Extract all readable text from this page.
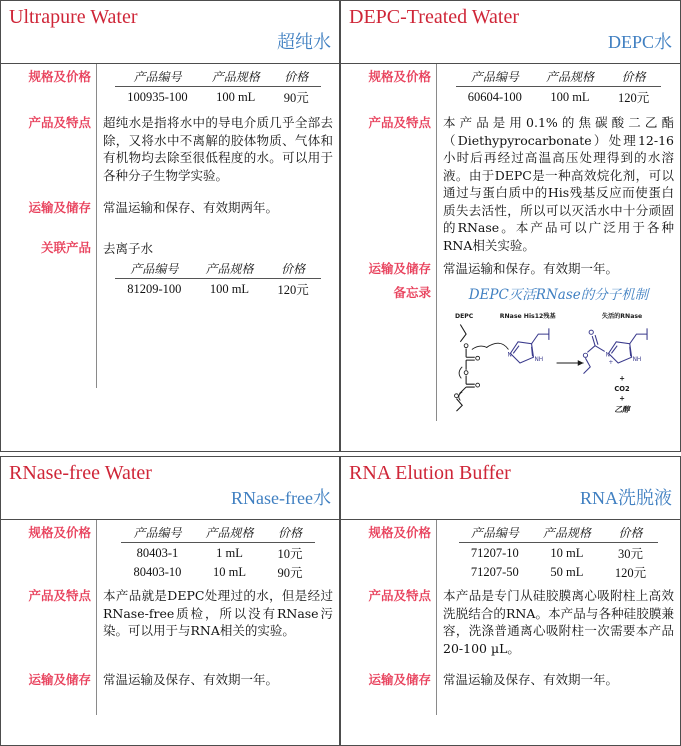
Ultrapure Water
超纯水
规格及价格	产品编号	产品规格	价格
100935-100	100 mL	90元
产品及特点 超纯水是指将水中的导电介质几乎全部去除，又将水中不离解的胶体物质、气体和有机物均去除至很低程度的水。可以用于各种分子生物学实验。
运输及储存 常温运输和保存、有效期两年。
关联产品 去离子水
产品编号	产品规格	价格
81209-100	100 mL	120元
DEPC-Treated Water
DEPC水
规格及价格	产品编号	产品规格	价格
60604-100	100 mL	120元
产品及特点 本产品是用0.1%的焦碳酸二乙酯（Diethypyrocarbonate）处理12-16小时后再经过高温高压处理得到的水溶液。由于DEPC是一种高效烷化剂，可以通过与蛋白质中的His残基反应而使蛋白质失去活性，所以可以灭活水中十分顽固的RNase。本产品可以广泛用于各种RNA相关实验。
运输及储存 常温运输和保存。有效期一年。
备忘录	DEPC灭活RNase的分子机制
DEPC	RNase His12残基	失活的RNase
N
NH
N
NH
+
+
CO2
+
乙醇
RNase-free Water
RNase-free水
规格及价格	产品编号	产品规格	价格
80403-1	1 mL	10元
80403-10	10 mL	90元
产品及特点 本产品就是DEPC处理过的水，但是经过RNase-free质检，所以没有RNase污染。可以用于与RNA相关的实验。
运输及储存 常温运输及保存、有效期一年。
RNA Elution Buffer
RNA洗脱液
规格及价格	产品编号	产品规格	价格
71207-10	10 mL	30元
71207-50	50 mL	120元
产品及特点 本产品是专门从硅胶膜离心吸附柱上高效洗脱结合的RNA。本产品与各种硅胶膜兼容，洗涤普通离心吸附柱一次需要本产品20-100 µL。
运输及储存 常温运输及保存、有效期一年。
